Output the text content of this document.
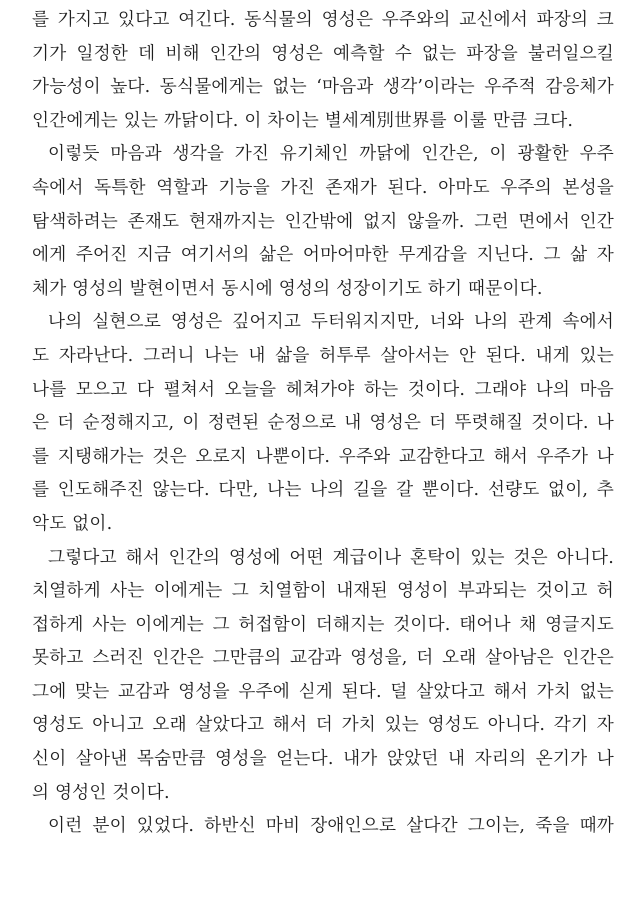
를 가지고 있다고 여긴다. 동식물의 영성은 우주와의 교신에서 파장의 크
기가 일정한 데 비해 인간의 영성은 예측할 수 없는 파장을 불러일으킬
가능성이 높다. 동식물에게는 없는 ‘마음과 생각’이라는 우주적 감응체가
인간에게는 있는 까닭이다. 이 차이는 별세계別世界를 이룰 만큼 크다.
이렇듯 마음과 생각을 가진 유기체인 까닭에 인간은, 이 광활한 우주
속에서 독특한 역할과 기능을 가진 존재가 된다. 아마도 우주의 본성을
탐색하려는 존재도 현재까지는 인간밖에 없지 않을까. 그런 면에서 인간
에게 주어진 지금 여기서의 삶은 어마어마한 무게감을 지닌다. 그 삶 자
체가 영성의 발현이면서 동시에 영성의 성장이기도 하기 때문이다.
나의 실현으로 영성은 깊어지고 두터워지지만, 너와 나의 관계 속에서
도 자라난다. 그러니 나는 내 삶을 허투루 살아서는 안 된다. 내게 있는
나를 모으고 다 펼쳐서 오늘을 헤쳐가야 하는 것이다. 그래야 나의 마음
은 더 순정해지고, 이 정련된 순정으로 내 영성은 더 뚜렷해질 것이다. 나
를 지탱해가는 것은 오로지 나뿐이다. 우주와 교감한다고 해서 우주가 나
를 인도해주진 않는다. 다만, 나는 나의 길을 갈 뿐이다. 선량도 없이, 추
악도 없이.
그렇다고 해서 인간의 영성에 어떤 계급이나 혼탁이 있는 것은 아니다.
치열하게 사는 이에게는 그 치열함이 내재된 영성이 부과되는 것이고 허
접하게 사는 이에게는 그 허접함이 더해지는 것이다. 태어나 채 영글지도
못하고 스러진 인간은 그만큼의 교감과 영성을, 더 오래 살아남은 인간은
그에 맞는 교감과 영성을 우주에 싣게 된다. 덜 살았다고 해서 가치 없는
영성도 아니고 오래 살았다고 해서 더 가치 있는 영성도 아니다. 각기 자
신이 살아낸 목숨만큼 영성을 얻는다. 내가 앉았던 내 자리의 온기가 나
의 영성인 것이다.
이런 분이 있었다. 하반신 마비 장애인으로 살다간 그이는, 죽을 때까
